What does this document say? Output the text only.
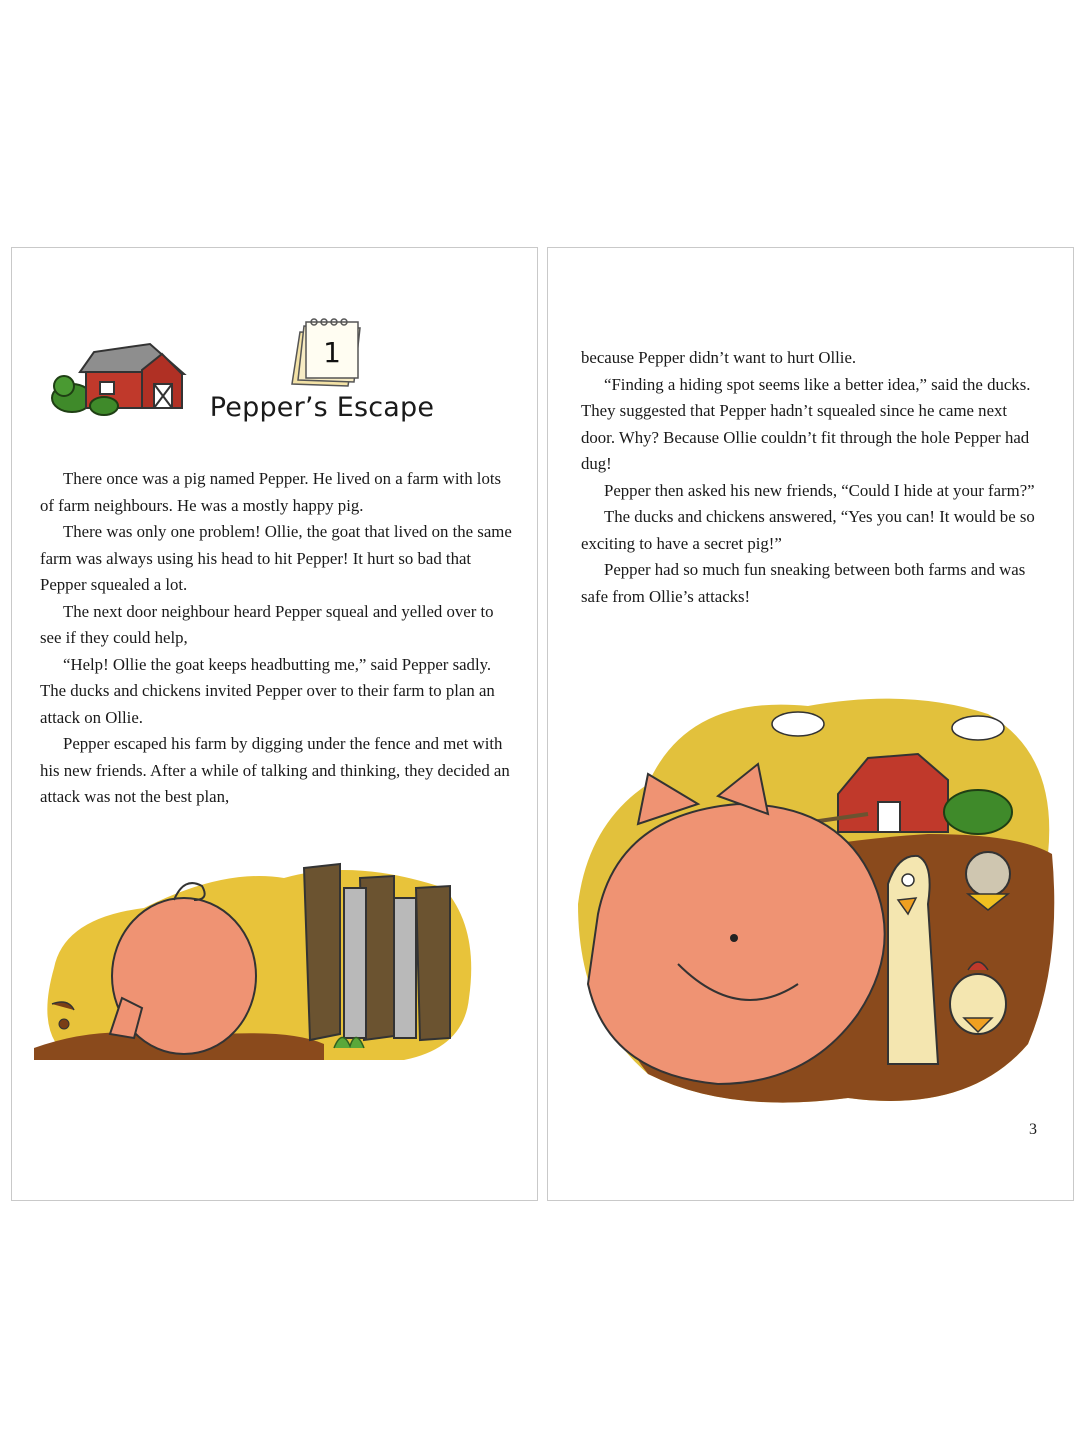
1
Pepper’s Escape

There once was a pig named Pepper. He lived on a farm with lots of farm neighbours. He was a mostly happy pig.

There was only one problem! Ollie, the goat that lived on the same farm was always using his head to hit Pepper! It hurt so bad that Pepper squealed a lot.

The next door neighbour heard Pepper squeal and yelled over to see if they could help,

“Help! Ollie the goat keeps headbutting me,” said Pepper sadly. The ducks and chickens invited Pepper over to their farm to plan an attack on Ollie.

Pepper escaped his farm by digging under the fence and met with his new friends. After a while of talking and thinking, they decided an attack was not the best plan,

because Pepper didn’t want to hurt Ollie.

“Finding a hiding spot seems like a better idea,” said the ducks. They suggested that Pepper hadn’t squealed since he came next door. Why? Because Ollie couldn’t fit through the hole Pepper had dug!

Pepper then asked his new friends, “Could I hide at your farm?”

The ducks and chickens answered, “Yes you can! It would be so exciting to have a secret pig!”

Pepper had so much fun sneaking between both farms and was safe from Ollie’s attacks!

3
